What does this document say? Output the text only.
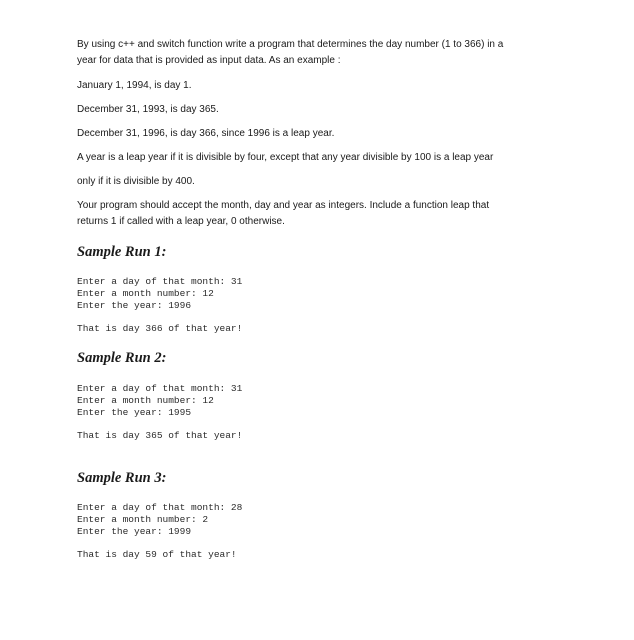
By using c++ and switch function write a program that determines the day number (1 to 366) in a

year for data that is provided as input data. As an example :

January 1, 1994, is day 1.

December 31, 1993, is day 365.

December 31, 1996, is day 366, since 1996 is a leap year.

A year is a leap year if it is divisible by four, except that any year divisible by 100 is a leap year

only if it is divisible by 400.

Your program should accept the month, day and year as integers. Include a function leap that

returns 1 if called with a leap year, 0 otherwise.

Sample Run 1:

Enter a day of that month: 31

Enter a month number: 12

Enter the year: 1996

That is day 366 of that year!

Sample Run 2:

Enter a day of that month: 31

Enter a month number: 12

Enter the year: 1995

That is day 365 of that year!

Sample Run 3:

Enter a day of that month: 28

Enter a month number: 2

Enter the year: 1999

That is day 59 of that year!
